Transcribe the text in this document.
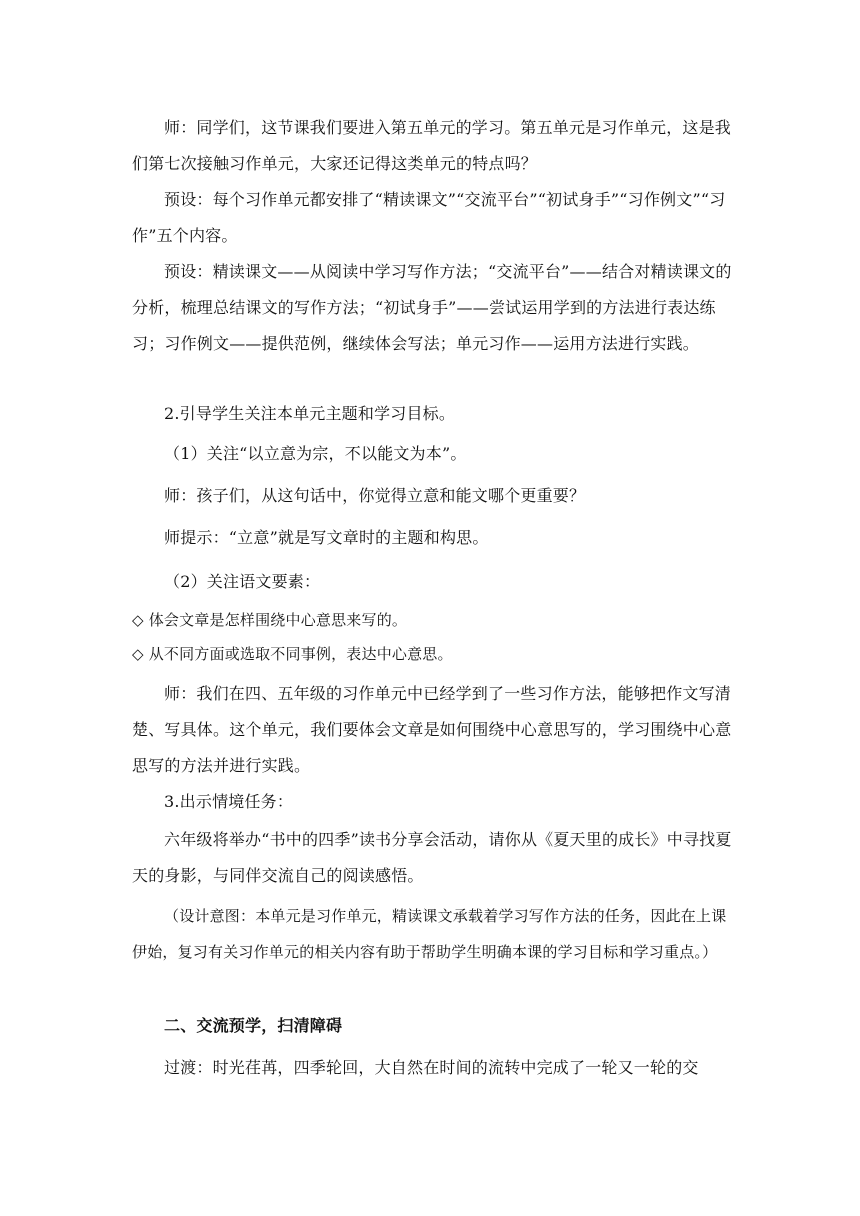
师：同学们，这节课我们要进入第五单元的学习。第五单元是习作单元，这是我们第七次接触习作单元，大家还记得这类单元的特点吗？

预设：每个习作单元都安排了“精读课文”“交流平台”“初试身手”“习作例文”“习作”五个内容。

预设：精读课文——从阅读中学习写作方法；“交流平台”——结合对精读课文的分析，梳理总结课文的写作方法；“初试身手”——尝试运用学到的方法进行表达练习；习作例文——提供范例，继续体会写法；单元习作——运用方法进行实践。

2.引导学生关注本单元主题和学习目标。

（1）关注“以立意为宗，不以能文为本”。

师：孩子们，从这句话中，你觉得立意和能文哪个更重要？

师提示：“立意”就是写文章时的主题和构思。

（2）关注语文要素：

◇ 体会文章是怎样围绕中心意思来写的。

◇ 从不同方面或选取不同事例，表达中心意思。

师：我们在四、五年级的习作单元中已经学到了一些习作方法，能够把作文写清楚、写具体。这个单元，我们要体会文章是如何围绕中心意思写的，学习围绕中心意思写的方法并进行实践。

3.出示情境任务：

六年级将举办“书中的四季”读书分享会活动，请你从《夏天里的成长》中寻找夏天的身影，与同伴交流自己的阅读感悟。

（设计意图：本单元是习作单元，精读课文承载着学习写作方法的任务，因此在上课伊始，复习有关习作单元的相关内容有助于帮助学生明确本课的学习目标和学习重点。）

二、交流预学，扫清障碍

过渡：时光荏苒，四季轮回，大自然在时间的流转中完成了一轮又一轮的交
